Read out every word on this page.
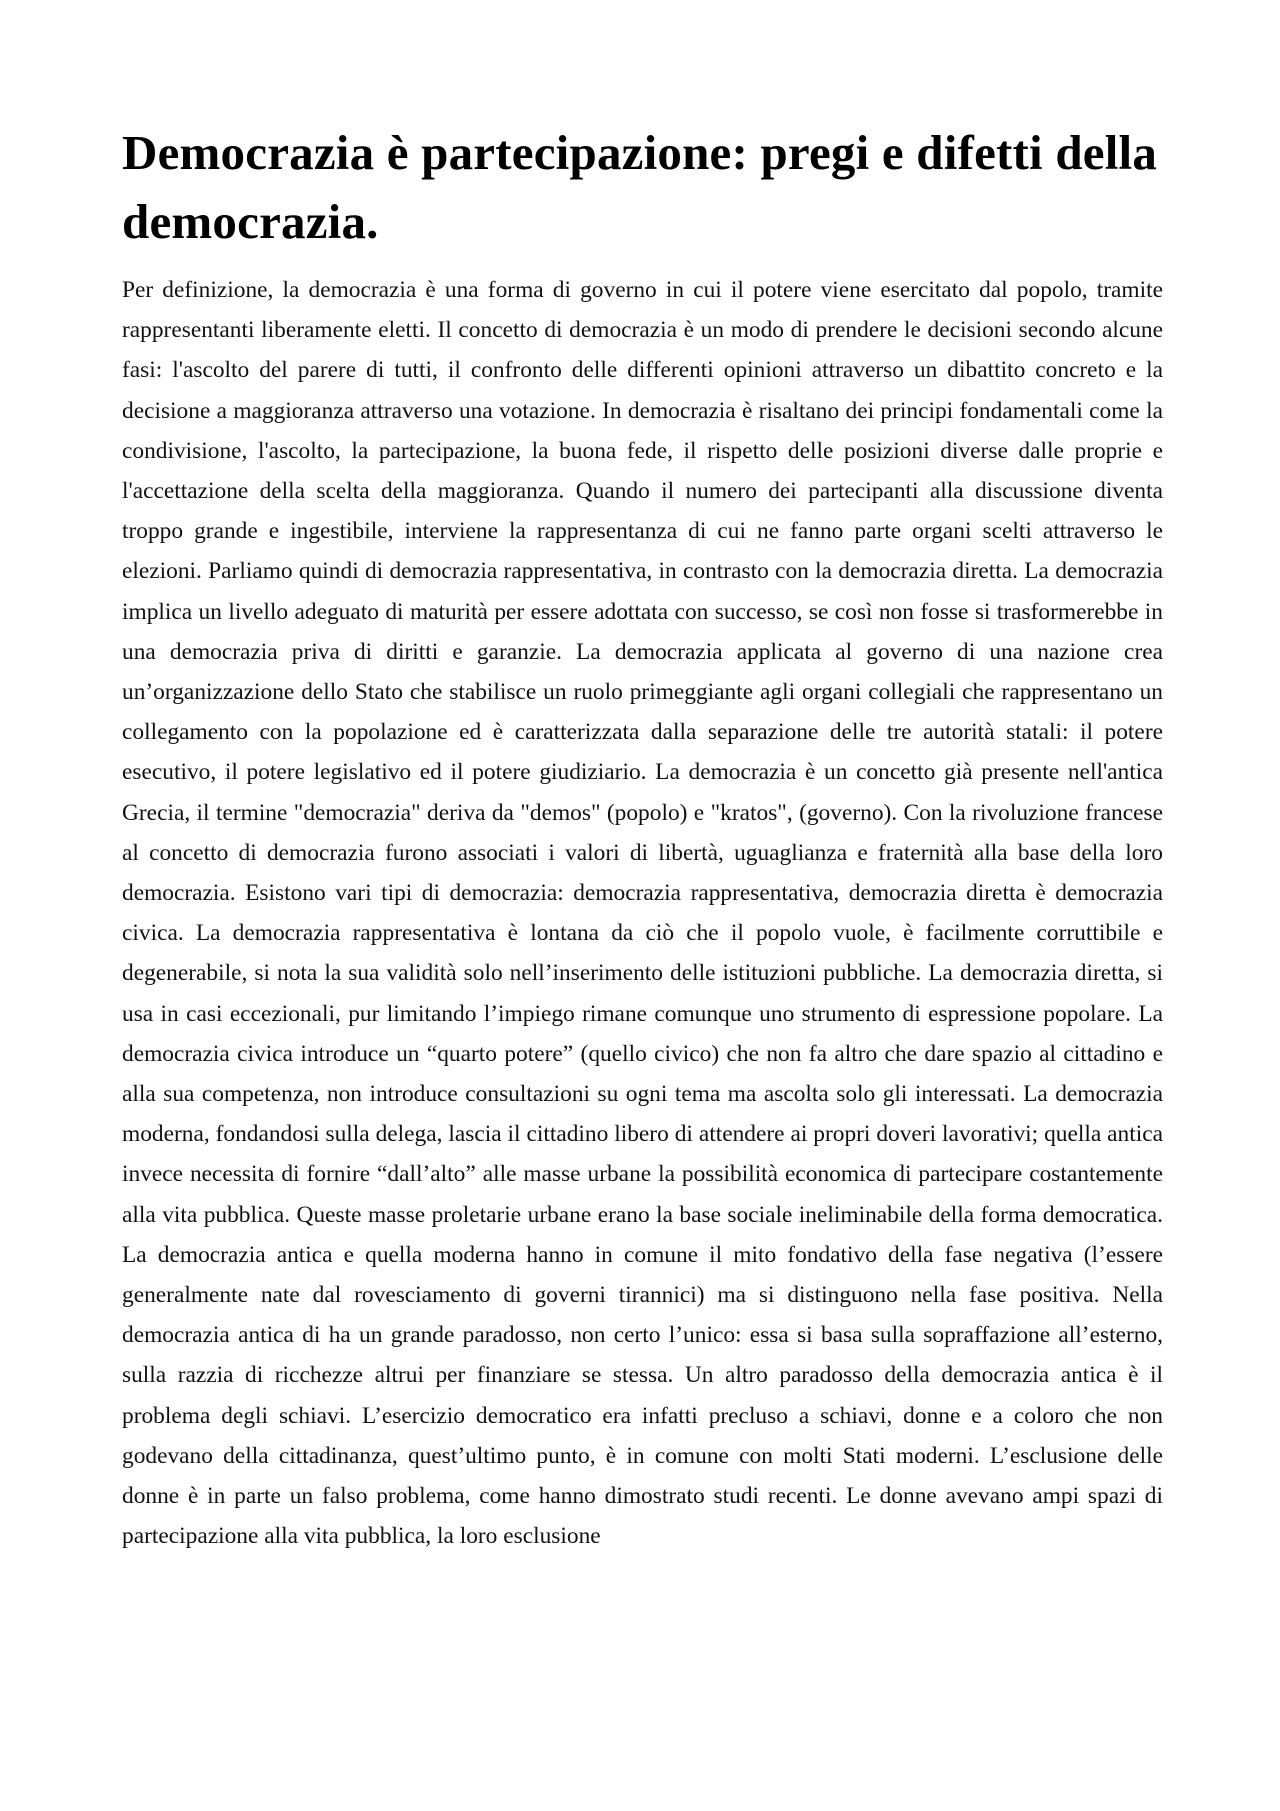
Democrazia è partecipazione: pregi e difetti della democrazia.

Per definizione, la democrazia è una forma di governo in cui il potere viene esercitato dal popolo, tramite rappresentanti liberamente eletti. Il concetto di democrazia è un modo di prendere le decisioni secondo alcune fasi: l'ascolto del parere di tutti, il confronto delle differenti opinioni attraverso un dibattito concreto e la decisione a maggioranza attraverso una votazione. In democrazia è risaltano dei principi fondamentali come la condivisione, l'ascolto, la partecipazione, la buona fede, il rispetto delle posizioni diverse dalle proprie e l'accettazione della scelta della maggioranza. Quando il numero dei partecipanti alla discussione diventa troppo grande e ingestibile, interviene la rappresentanza di cui ne fanno parte organi scelti attraverso le elezioni. Parliamo quindi di democrazia rappresentativa, in contrasto con la democrazia diretta. La democrazia implica un livello adeguato di maturità per essere adottata con successo, se così non fosse si trasformerebbe in una democrazia priva di diritti e garanzie. La democrazia applicata al governo di una nazione crea un’organizzazione dello Stato che stabilisce un ruolo primeggiante agli organi collegiali che rappresentano un collegamento con la popolazione ed è caratterizzata dalla separazione delle tre autorità statali: il potere esecutivo, il potere legislativo ed il potere giudiziario. La democrazia è un concetto già presente nell'antica Grecia, il termine "democrazia" deriva da "demos" (popolo) e "kratos", (governo). Con la rivoluzione francese al concetto di democrazia furono associati i valori di libertà, uguaglianza e fraternità alla base della loro democrazia. Esistono vari tipi di democrazia: democrazia rappresentativa, democrazia diretta è democrazia civica. La democrazia rappresentativa è lontana da ciò che il popolo vuole, è facilmente corruttibile e degenerabile, si nota la sua validità solo nell’inserimento delle istituzioni pubbliche. La democrazia diretta, si usa in casi eccezionali, pur limitando l’impiego rimane comunque uno strumento di espressione popolare. La democrazia civica introduce un “quarto potere” (quello civico) che non fa altro che dare spazio al cittadino e alla sua competenza, non introduce consultazioni su ogni tema ma ascolta solo gli interessati. La democrazia moderna, fondandosi sulla delega, lascia il cittadino libero di attendere ai propri doveri lavorativi; quella antica invece necessita di fornire “dall’alto” alle masse urbane la possibilità economica di partecipare costantemente alla vita pubblica. Queste masse proletarie urbane erano la base sociale ineliminabile della forma democratica. La democrazia antica e quella moderna hanno in comune il mito fondativo della fase negativa (l’essere generalmente nate dal rovesciamento di governi tirannici) ma si distinguono nella fase positiva. Nella democrazia antica di ha un grande paradosso, non certo l’unico: essa si basa sulla sopraffazione all’esterno, sulla razzia di ricchezze altrui per finanziare se stessa. Un altro paradosso della democrazia antica è il problema degli schiavi. L’esercizio democratico era infatti precluso a schiavi, donne e a coloro che non godevano della cittadinanza, quest’ultimo punto, è in comune con molti Stati moderni. L’esclusione delle donne è in parte un falso problema, come hanno dimostrato studi recenti. Le donne avevano ampi spazi di partecipazione alla vita pubblica, la loro esclusione
